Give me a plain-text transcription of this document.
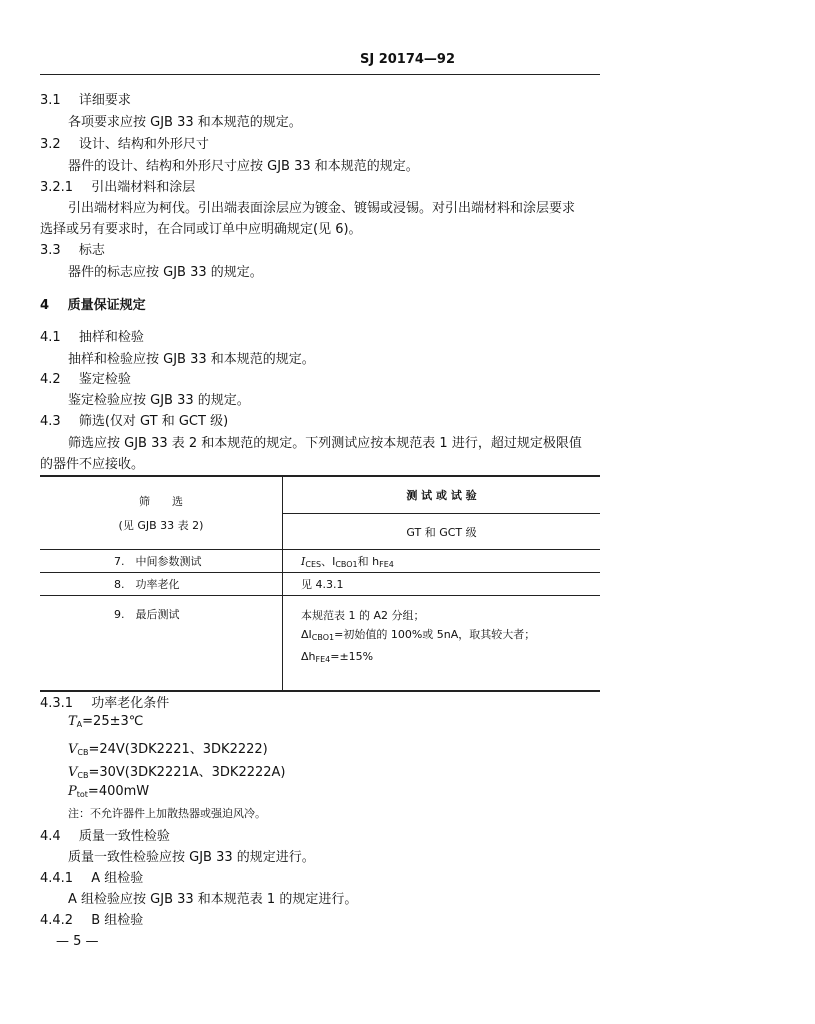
SJ 20174—92
3.1 详细要求
各项要求应按 GJB 33 和本规范的规定。
3.2 设计、结构和外形尺寸
器件的设计、结构和外形尺寸应按 GJB 33 和本规范的规定。
3.2.1 引出端材料和涂层
引出端材料应为柯伐。引出端表面涂层应为镀金、镀锡或浸锡。对引出端材料和涂层要求
选择或另有要求时，在合同或订单中应明确规定(见 6)。
3.3 标志
器件的标志应按 GJB 33 的规定。
4 质量保证规定
4.1 抽样和检验
抽样和检验应按 GJB 33 和本规范的规定。
4.2 鉴定检验
鉴定检验应按 GJB 33 的规定。
4.3 筛选(仅对 GT 和 GCT 级)
筛选应按 GJB 33 表 2 和本规范的规定。下列测试应按本规范表 1 进行，超过规定极限值
的器件不应接收。
筛　　选
(见 GJB 33 表 2)	测 试 或 试 验
	GT 和 GCT 级
7.　中间参数测试	$I_{CES}$、$I_{CBO1}$和 $h_{FE4}$
8.　功率老化	见 4.3.1
9.　最后测试	本规范表 1 的 A2 分组；
$\Delta I_{CBO1}=$初始值的 100%或 5nA，取其较大者；
$\Delta h_{FE4}=\pm 15\%$
4.3.1 功率老化条件
$T_A=25\pm 3℃$
$V_{CB}=24V(3DK2221$、3DK2222)
$V_{CB}=30V(3DK2221A$、3DK2222A)
$P_{tot}=400mW$
注：不允许器件上加散热器或强迫风冷。
4.4 质量一致性检验
质量一致性检验应按 GJB 33 的规定进行。
4.4.1 A 组检验
A 组检验应按 GJB 33 和本规范表 1 的规定进行。
4.4.2 B 组检验
— 5 —
